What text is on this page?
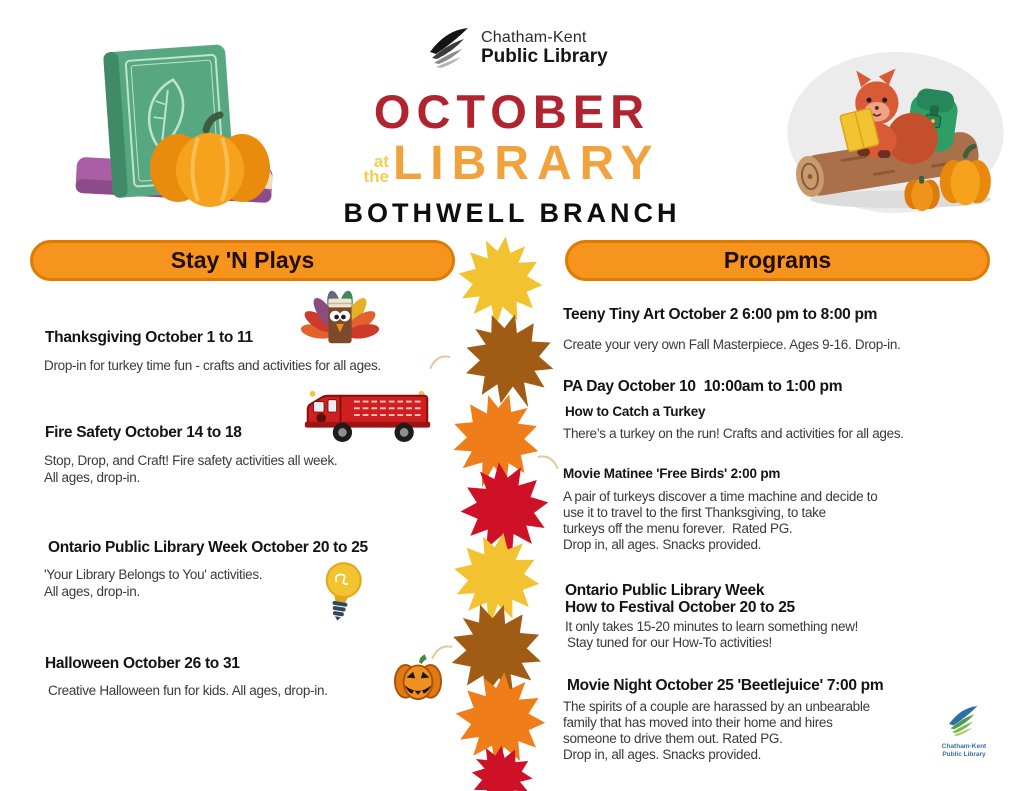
Chatham-Kent
Public Library
OCTOBER
at
the LIBRARY
BOTHWELL BRANCH
Stay 'N Plays	Programs
Thanksgiving October 1 to 11
Drop-in for turkey time fun - crafts and activities for all ages.
Fire Safety October 14 to 18
Stop, Drop, and Craft! Fire safety activities all week.
All ages, drop-in.
Ontario Public Library Week October 20 to 25
'Your Library Belongs to You' activities.
All ages, drop-in.
Halloween October 26 to 31
Creative Halloween fun for kids. All ages, drop-in.
Teeny Tiny Art October 2 6:00 pm to 8:00 pm
Create your very own Fall Masterpiece. Ages 9-16. Drop-in.
PA Day October 10  10:00am to 1:00 pm
How to Catch a Turkey
There’s a turkey on the run! Crafts and activities for all ages.
Movie Matinee 'Free Birds' 2:00 pm
A pair of turkeys discover a time machine and decide to
use it to travel to the first Thanksgiving, to take
turkeys off the menu forever.  Rated PG.
Drop in, all ages. Snacks provided.
Ontario Public Library Week
How to Festival October 20 to 25
It only takes 15-20 minutes to learn something new!
Stay tuned for our How-To activities!
Movie Night October 25 'Beetlejuice' 7:00 pm
The spirits of a couple are harassed by an unbearable
family that has moved into their home and hires
someone to drive them out. Rated PG.
Drop in, all ages. Snacks provided.
Chatham-Kent
Public Library
